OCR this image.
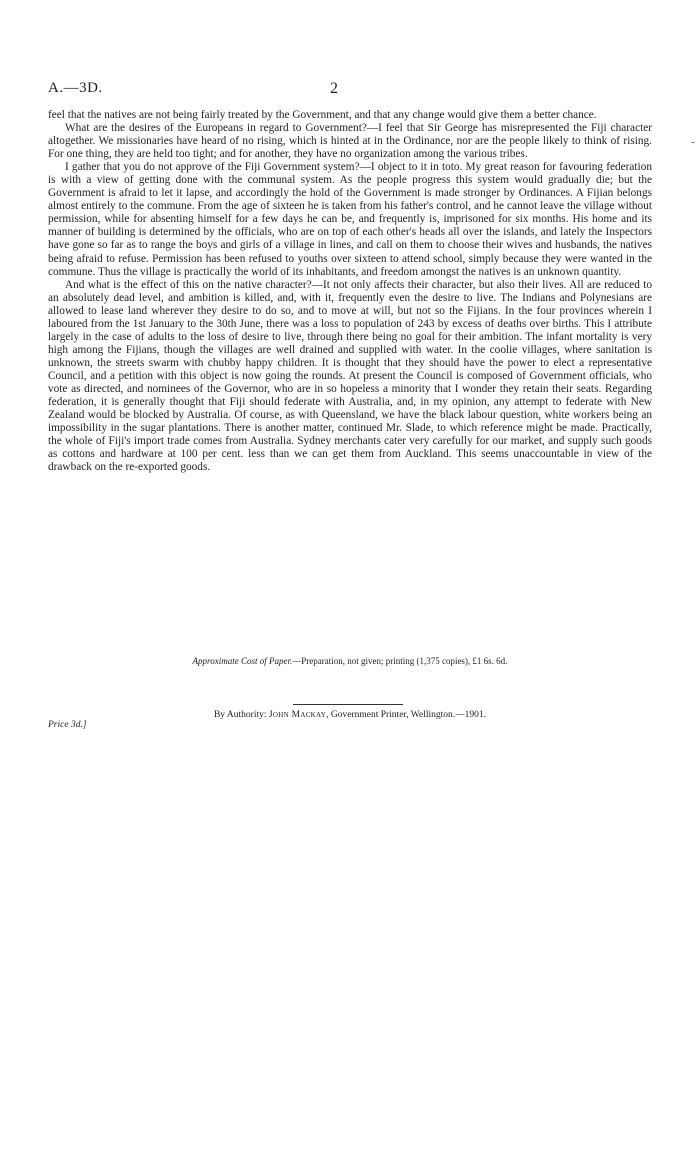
A.—3D.	2
-

feel that the natives are not being fairly treated by the Government, and that any change would give them a better chance.

What are the desires of the Europeans in regard to Government?—I feel that Sir George has misrepresented the Fiji character altogether. We missionaries have heard of no rising, which is hinted at in the Ordinance, nor are the people likely to think of rising. For one thing, they are held too tight; and for another, they have no organization among the various tribes.

I gather that you do not approve of the Fiji Government system?—I object to it in toto. My great reason for favouring federation is with a view of getting done with the communal system. As the people progress this system would gradually die; but the Government is afraid to let it lapse, and accordingly the hold of the Government is made stronger by Ordinances. A Fijian belongs almost entirely to the commune. From the age of sixteen he is taken from his father's control, and he cannot leave the village without permission, while for absenting himself for a few days he can be, and frequently is, imprisoned for six months. His home and its manner of building is determined by the officials, who are on top of each other's heads all over the islands, and lately the Inspectors have gone so far as to range the boys and girls of a village in lines, and call on them to choose their wives and husbands, the natives being afraid to refuse. Permission has been refused to youths over sixteen to attend school, simply because they were wanted in the commune. Thus the village is practically the world of its inhabitants, and freedom amongst the natives is an unknown quantity.

And what is the effect of this on the native character?—It not only affects their character, but also their lives. All are reduced to an absolutely dead level, and ambition is killed, and, with it, frequently even the desire to live. The Indians and Polynesians are allowed to lease land wherever they desire to do so, and to move at will, but not so the Fijians. In the four provinces wherein I laboured from the 1st January to the 30th June, there was a loss to population of 243 by excess of deaths over births. This I attribute largely in the case of adults to the loss of desire to live, through there being no goal for their ambition. The infant mortality is very high among the Fijians, though the villages are well drained and supplied with water. In the coolie villages, where sanitation is unknown, the streets swarm with chubby happy children. It is thought that they should have the power to elect a representative Council, and a petition with this object is now going the rounds. At present the Council is composed of Government officials, who vote as directed, and nominees of the Governor, who are in so hopeless a minority that I wonder they retain their seats. Regarding federation, it is generally thought that Fiji should federate with Australia, and, in my opinion, any attempt to federate with New Zealand would be blocked by Australia. Of course, as with Queensland, we have the black labour question, white workers being an impossibility in the sugar plantations. There is another matter, continued Mr. Slade, to which reference might be made. Practically, the whole of Fiji's import trade comes from Australia. Sydney merchants cater very carefully for our market, and supply such goods as cottons and hardware at 100 per cent. less than we can get them from Auckland. This seems unaccountable in view of the drawback on the re-exported goods.

Approximate Cost of Paper.—Preparation, not given; printing (1,375 copies), £1 6s. 6d.
By Authority: John Mackay, Government Printer, Wellington.—1901.
Price 3d.]
